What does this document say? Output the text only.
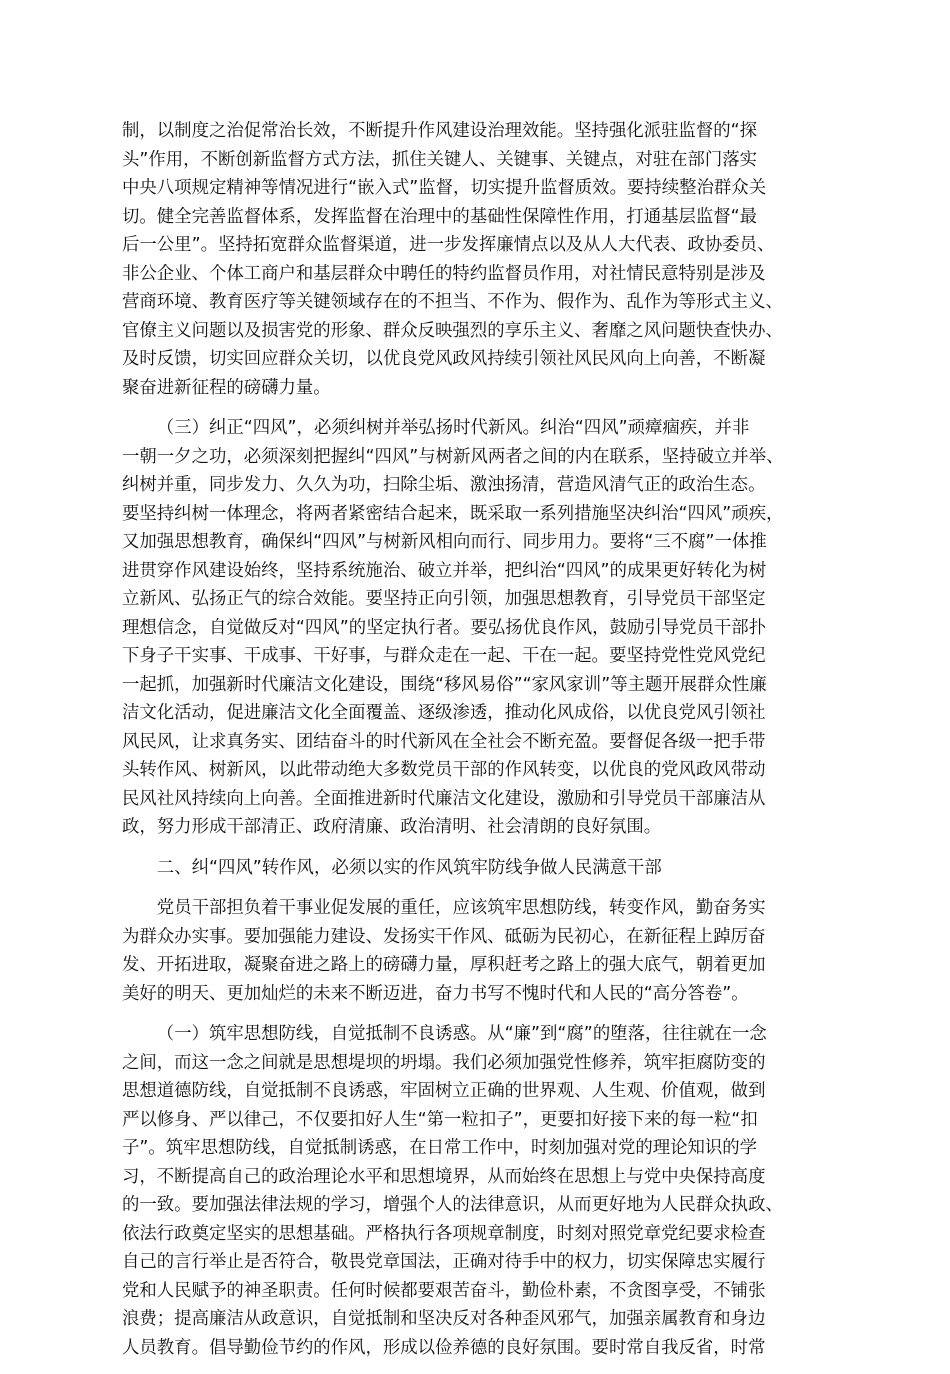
制，以制度之治促常治长效，不断提升作风建设治理效能。坚持强化派驻监督的“探
头”作用，不断创新监督方式方法，抓住关键人、关键事、关键点，对驻在部门落实
中央八项规定精神等情况进行“嵌入式”监督，切实提升监督质效。要持续整治群众关
切。健全完善监督体系，发挥监督在治理中的基础性保障性作用，打通基层监督“最
后一公里”。坚持拓宽群众监督渠道，进一步发挥廉情点以及从人大代表、政协委员、
非公企业、个体工商户和基层群众中聘任的特约监督员作用，对社情民意特别是涉及
营商环境、教育医疗等关键领域存在的不担当、不作为、假作为、乱作为等形式主义、
官僚主义问题以及损害党的形象、群众反映强烈的享乐主义、奢靡之风问题快查快办、
及时反馈，切实回应群众关切，以优良党风政风持续引领社风民风向上向善，不断凝
聚奋进新征程的磅礴力量。
（三）纠正“四风”，必须纠树并举弘扬时代新风。纠治“四风”顽瘴痼疾，并非
一朝一夕之功，必须深刻把握纠“四风”与树新风两者之间的内在联系，坚持破立并举、
纠树并重，同步发力、久久为功，扫除尘垢、激浊扬清，营造风清气正的政治生态。
要坚持纠树一体理念，将两者紧密结合起来，既采取一系列措施坚决纠治“四风”顽疾，
又加强思想教育，确保纠“四风”与树新风相向而行、同步用力。要将“三不腐”一体推
进贯穿作风建设始终，坚持系统施治、破立并举，把纠治“四风”的成果更好转化为树
立新风、弘扬正气的综合效能。要坚持正向引领，加强思想教育，引导党员干部坚定
理想信念，自觉做反对“四风”的坚定执行者。要弘扬优良作风，鼓励引导党员干部扑
下身子干实事、干成事、干好事，与群众走在一起、干在一起。要坚持党性党风党纪
一起抓，加强新时代廉洁文化建设，围绕“移风易俗”“家风家训”等主题开展群众性廉
洁文化活动，促进廉洁文化全面覆盖、逐级渗透，推动化风成俗，以优良党风引领社
风民风，让求真务实、团结奋斗的时代新风在全社会不断充盈。要督促各级一把手带
头转作风、树新风，以此带动绝大多数党员干部的作风转变，以优良的党风政风带动
民风社风持续向上向善。全面推进新时代廉洁文化建设，激励和引导党员干部廉洁从
政，努力形成干部清正、政府清廉、政治清明、社会清朗的良好氛围。
二、纠“四风”转作风，必须以实的作风筑牢防线争做人民满意干部
党员干部担负着干事业促发展的重任，应该筑牢思想防线，转变作风，勤奋务实
为群众办实事。要加强能力建设、发扬实干作风、砥砺为民初心，在新征程上踔厉奋
发、开拓进取，凝聚奋进之路上的磅礴力量，厚积赶考之路上的强大底气，朝着更加
美好的明天、更加灿烂的未来不断迈进，奋力书写不愧时代和人民的“高分答卷”。
（一）筑牢思想防线，自觉抵制不良诱惑。从“廉”到“腐”的堕落，往往就在一念
之间，而这一念之间就是思想堤坝的坍塌。我们必须加强党性修养，筑牢拒腐防变的
思想道德防线，自觉抵制不良诱惑，牢固树立正确的世界观、人生观、价值观，做到
严以修身、严以律己，不仅要扣好人生“第一粒扣子”，更要扣好接下来的每一粒“扣
子”。筑牢思想防线，自觉抵制诱惑，在日常工作中，时刻加强对党的理论知识的学
习，不断提高自己的政治理论水平和思想境界，从而始终在思想上与党中央保持高度
的一致。要加强法律法规的学习，增强个人的法律意识，从而更好地为人民群众执政、
依法行政奠定坚实的思想基础。严格执行各项规章制度，时刻对照党章党纪要求检查
自己的言行举止是否符合，敬畏党章国法，正确对待手中的权力，切实保障忠实履行
党和人民赋予的神圣职责。任何时候都要艰苦奋斗，勤俭朴素，不贪图享受，不铺张
浪费；提高廉洁从政意识，自觉抵制和坚决反对各种歪风邪气，加强亲属教育和身边
人员教育。倡导勤俭节约的作风，形成以俭养德的良好氛围。要时常自我反省，时常
